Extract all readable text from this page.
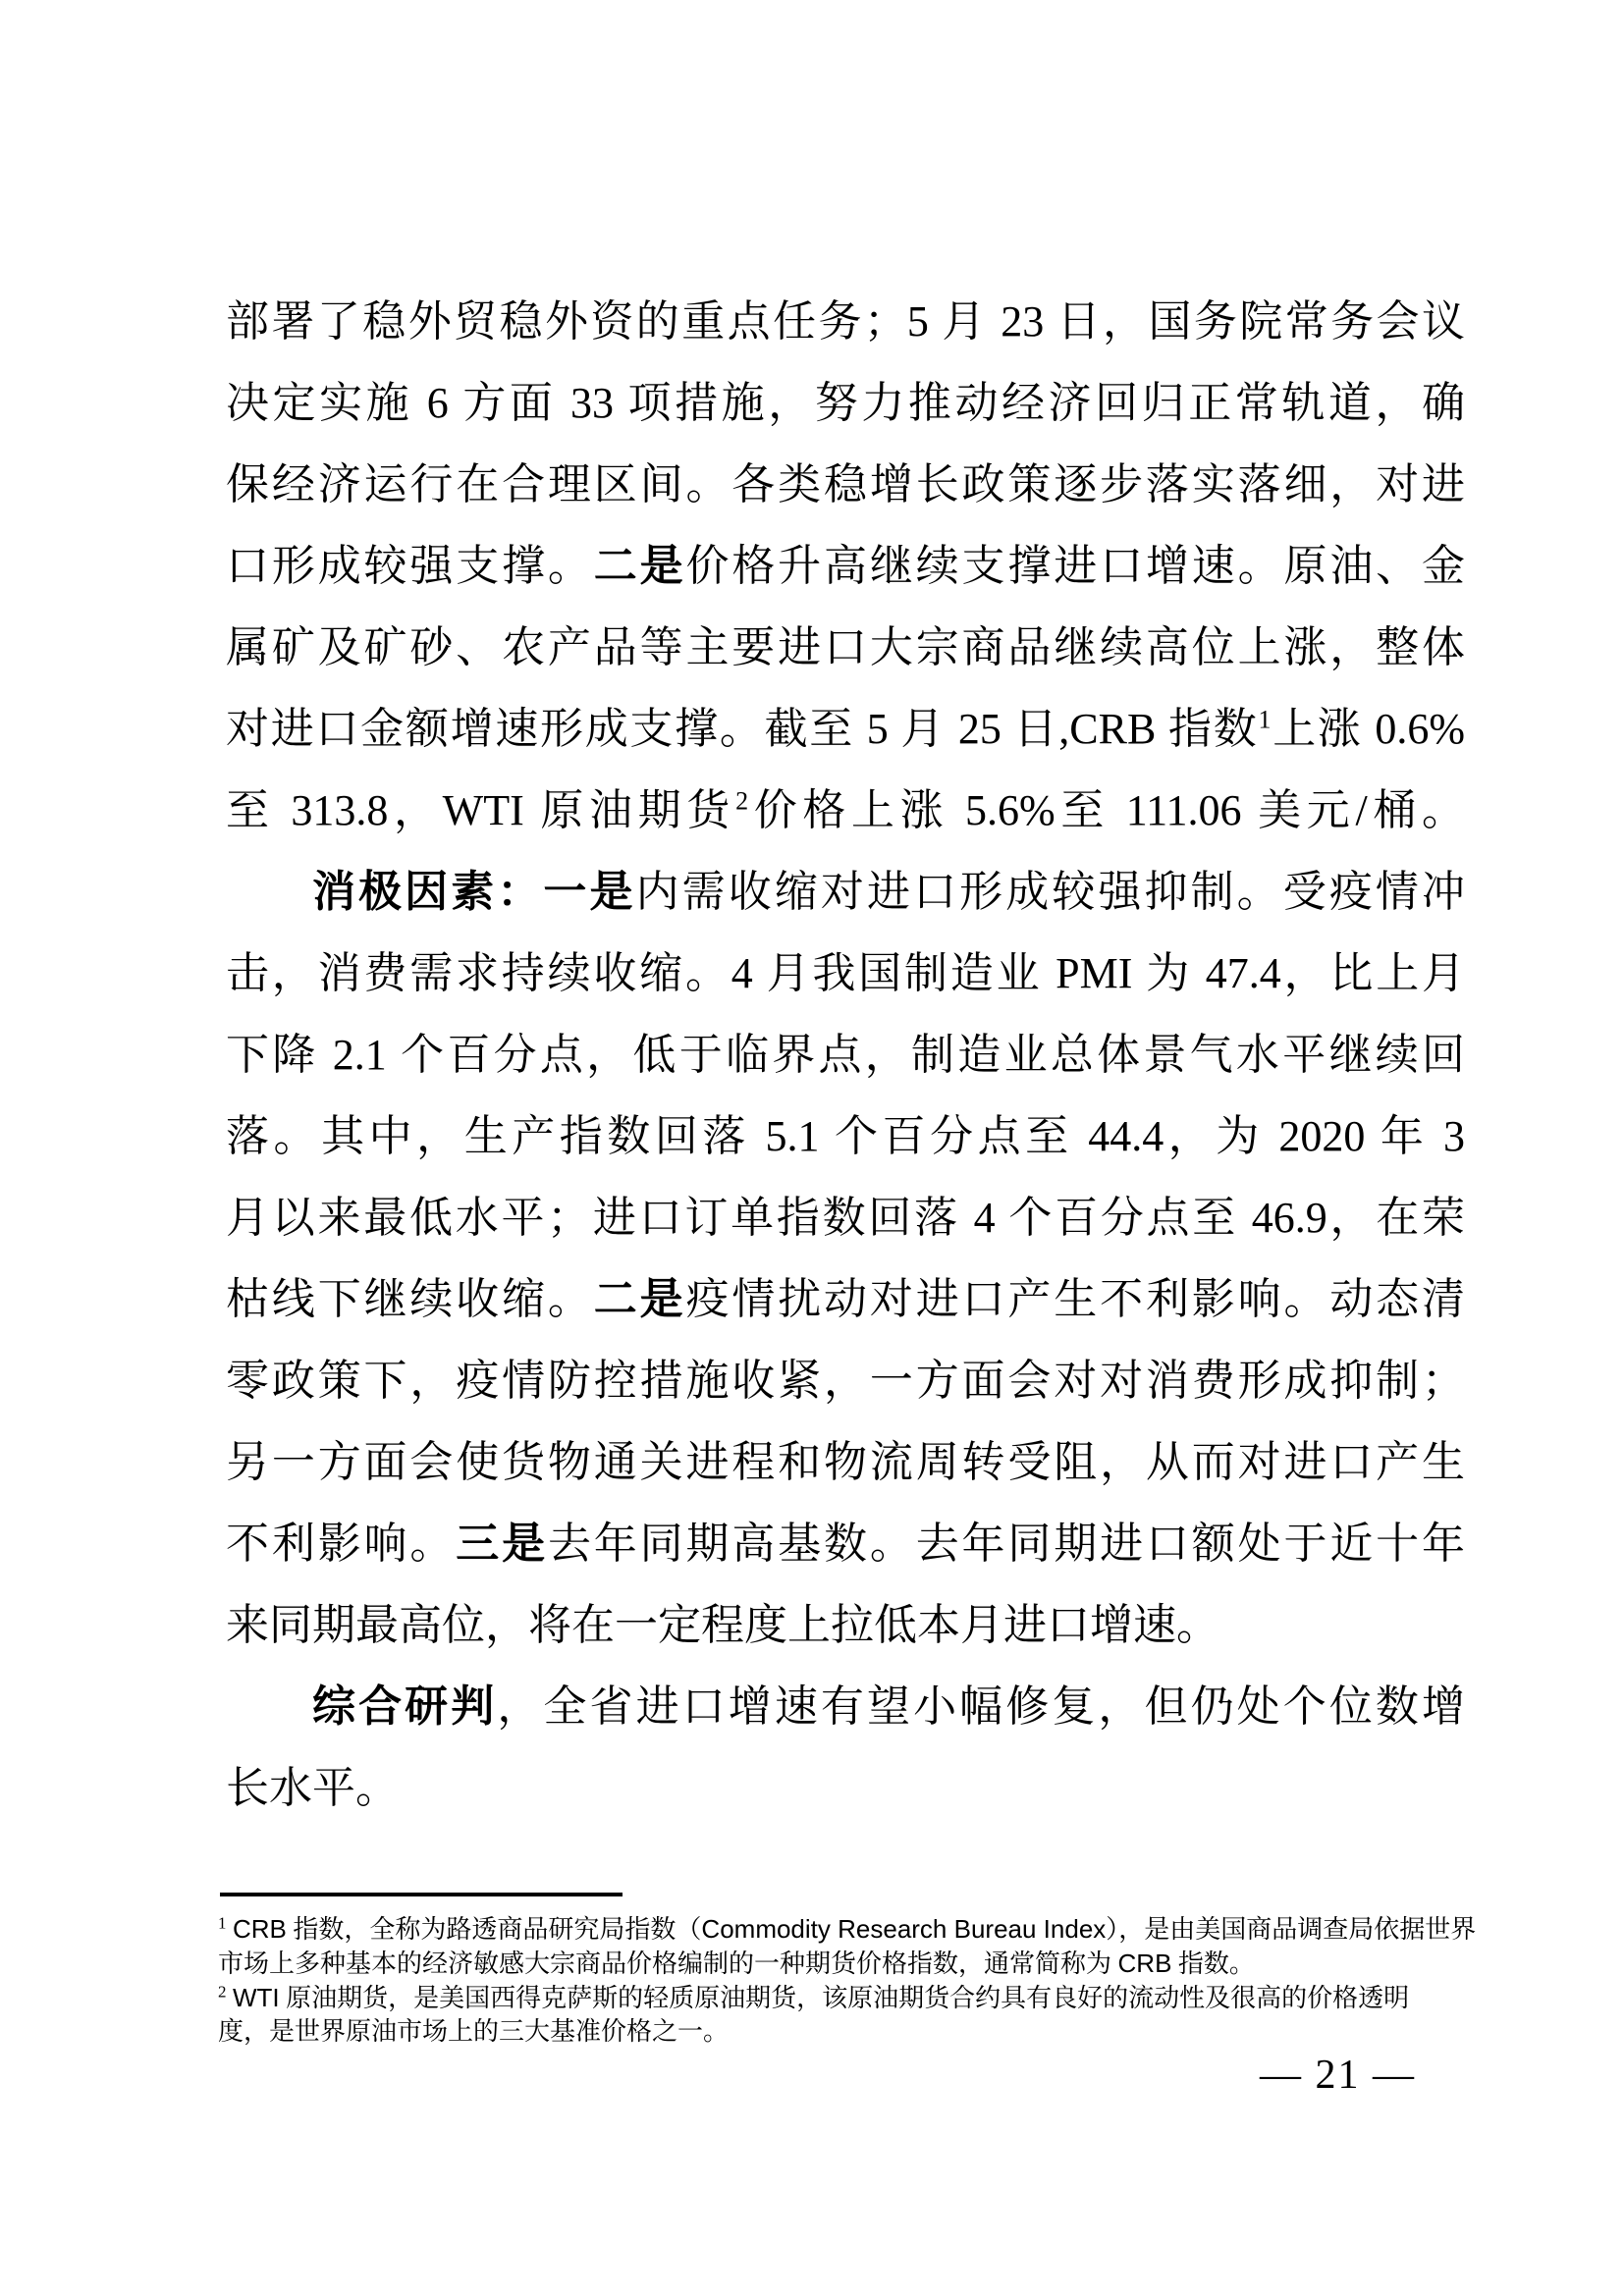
部署了稳外贸稳外资的重点任务；5 月 23 日，国务院常务会议
决定实施 6 方面 33 项措施，努力推动经济回归正常轨道，确
保经济运行在合理区间。各类稳增长政策逐步落实落细，对进
口形成较强支撑。二是价格升高继续支撑进口增速。原油、金
属矿及矿砂、农产品等主要进口大宗商品继续高位上涨，整体
对进口金额增速形成支撑。截至 5 月 25 日,CRB 指数$^1$上涨 0.6%
至 313.8，WTI 原油期货$^2$价格上涨 5.6%至 111.06 美元/桶。
消极因素：一是内需收缩对进口形成较强抑制。受疫情冲
击，消费需求持续收缩。4 月我国制造业 PMI 为 47.4，比上月
下降 2.1 个百分点，低于临界点，制造业总体景气水平继续回
落。其中，生产指数回落 5.1 个百分点至 44.4，为 2020 年 3
月以来最低水平；进口订单指数回落 4 个百分点至 46.9，在荣
枯线下继续收缩。二是疫情扰动对进口产生不利影响。动态清
零政策下，疫情防控措施收紧，一方面会对对消费形成抑制；
另一方面会使货物通关进程和物流周转受阻，从而对进口产生
不利影响。三是去年同期高基数。去年同期进口额处于近十年
来同期最高位，将在一定程度上拉低本月进口增速。
综合研判，全省进口增速有望小幅修复，但仍处个位数增
长水平。
$^1$ CRB 指数，全称为路透商品研究局指数（Commodity Research Bureau Index），是由美国商品调查局依据世界
市场上多种基本的经济敏感大宗商品价格编制的一种期货价格指数，通常简称为 CRB 指数。
$^2$ WTI 原油期货，是美国西得克萨斯的轻质原油期货，该原油期货合约具有良好的流动性及很高的价格透明
度，是世界原油市场上的三大基准价格之一。
— 21 —
